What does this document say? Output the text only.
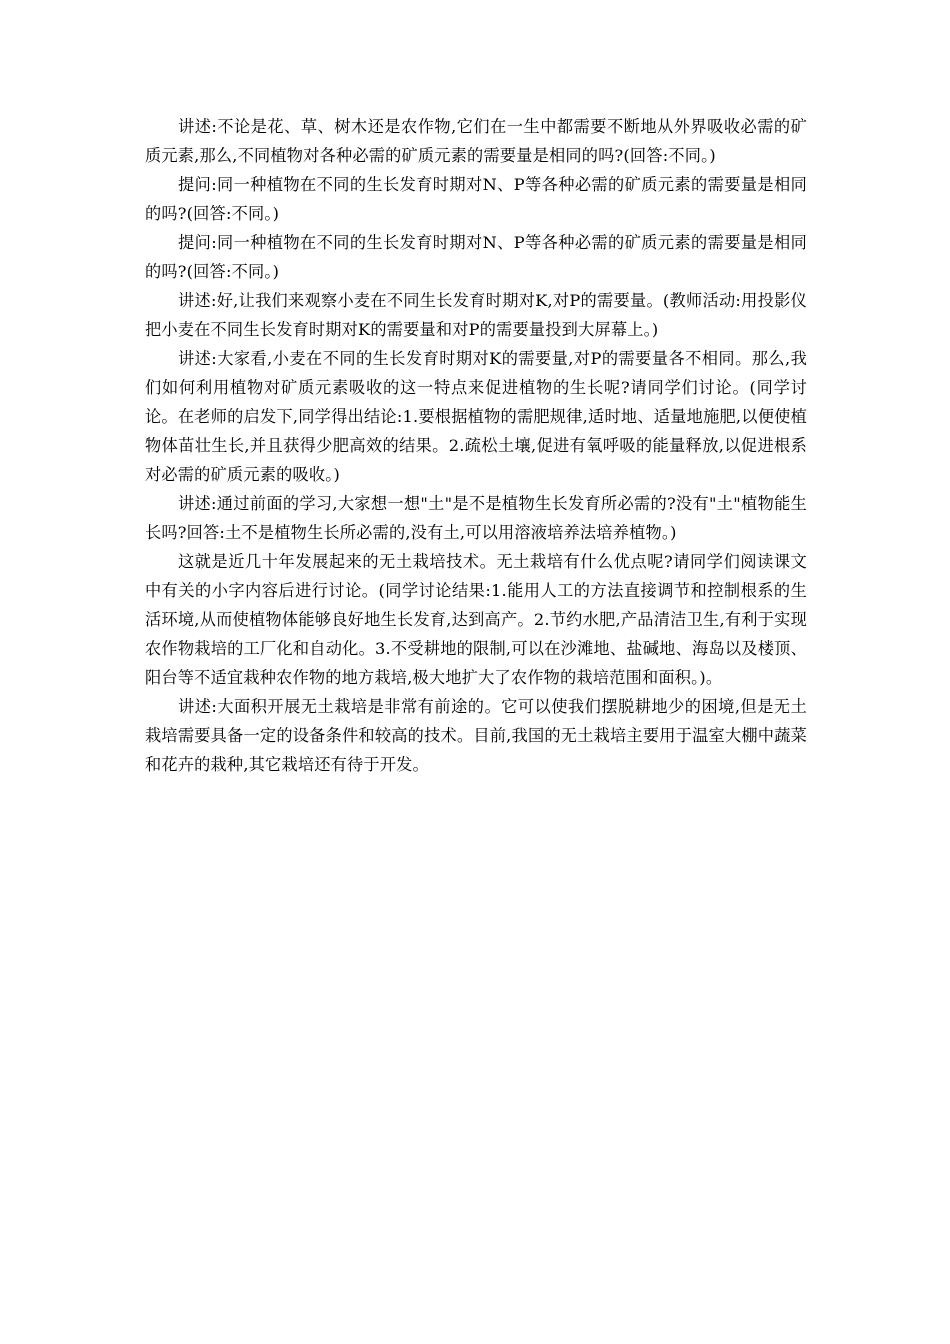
讲述:不论是花、草、树木还是农作物,它们在一生中都需要不断地从外界吸收必需的矿质元素,那么,不同植物对各种必需的矿质元素的需要量是相同的吗?(回答:不同。)

提问:同一种植物在不同的生长发育时期对N、P等各种必需的矿质元素的需要量是相同的吗?(回答:不同。)

提问:同一种植物在不同的生长发育时期对N、P等各种必需的矿质元素的需要量是相同的吗?(回答:不同。)

讲述:好,让我们来观察小麦在不同生长发育时期对K,对P的需要量。(教师活动:用投影仪把小麦在不同生长发育时期对K的需要量和对P的需要量投到大屏幕上。)

讲述:大家看,小麦在不同的生长发育时期对K的需要量,对P的需要量各不相同。那么,我们如何利用植物对矿质元素吸收的这一特点来促进植物的生长呢?请同学们讨论。(同学讨论。在老师的启发下,同学得出结论:1.要根据植物的需肥规律,适时地、适量地施肥,以便使植物体苗壮生长,并且获得少肥高效的结果。2.疏松土壤,促进有氧呼吸的能量释放,以促进根系对必需的矿质元素的吸收。)

讲述:通过前面的学习,大家想一想"土"是不是植物生长发育所必需的?没有"土"植物能生长吗?回答:土不是植物生长所必需的,没有土,可以用溶液培养法培养植物。)

这就是近几十年发展起来的无土栽培技术。无土栽培有什么优点呢?请同学们阅读课文中有关的小字内容后进行讨论。(同学讨论结果:1.能用人工的方法直接调节和控制根系的生活环境,从而使植物体能够良好地生长发育,达到高产。2.节约水肥,产品清洁卫生,有利于实现农作物栽培的工厂化和自动化。3.不受耕地的限制,可以在沙滩地、盐碱地、海岛以及楼顶、阳台等不适宜栽种农作物的地方栽培,极大地扩大了农作物的栽培范围和面积。)。

讲述:大面积开展无土栽培是非常有前途的。它可以使我们摆脱耕地少的困境,但是无土栽培需要具备一定的设备条件和较高的技术。目前,我国的无土栽培主要用于温室大棚中蔬菜和花卉的栽种,其它栽培还有待于开发。
